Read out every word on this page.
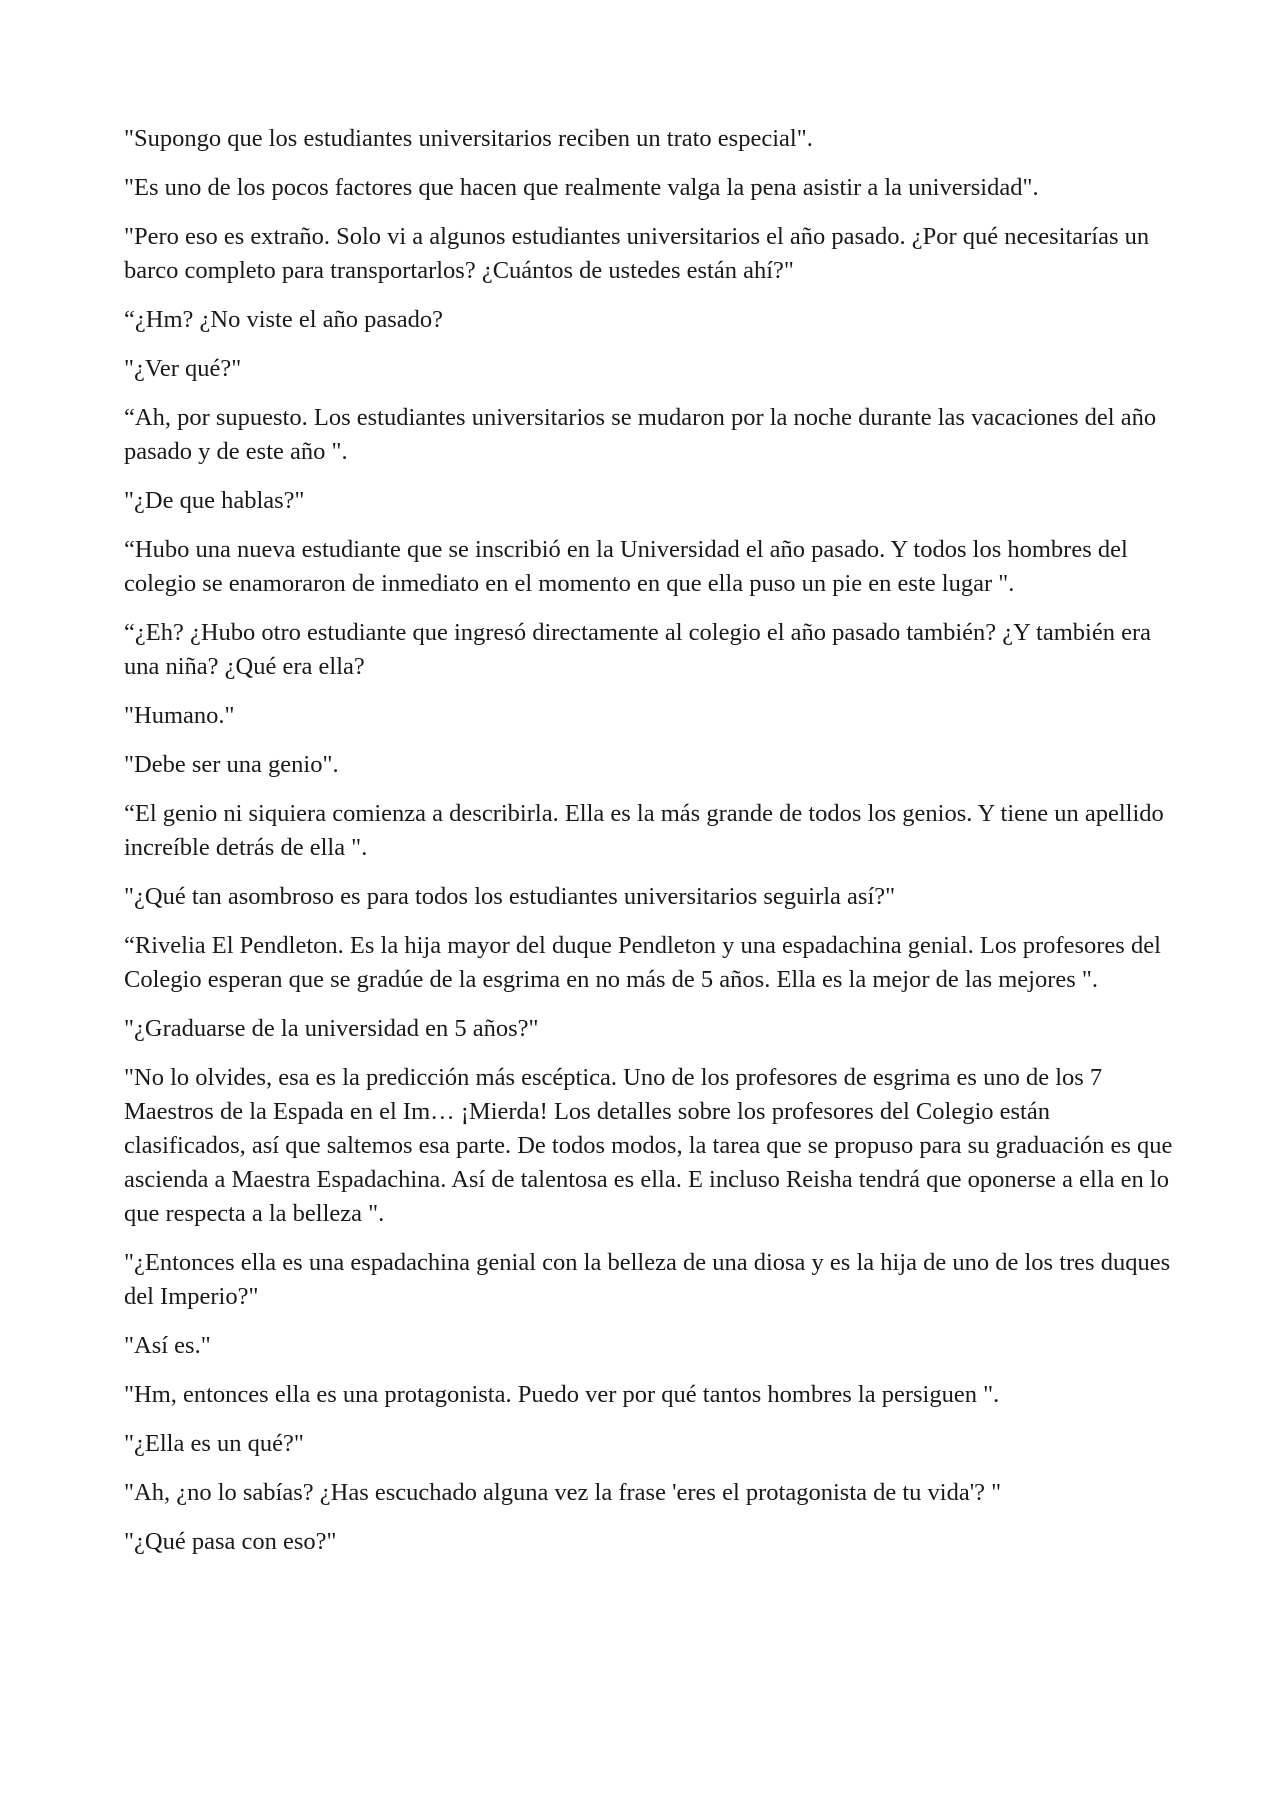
"Supongo que los estudiantes universitarios reciben un trato especial".

"Es uno de los pocos factores que hacen que realmente valga la pena asistir a la universidad".

"Pero eso es extraño. Solo vi a algunos estudiantes universitarios el año pasado. ¿Por qué necesitarías un barco completo para transportarlos? ¿Cuántos de ustedes están ahí?"

“¿Hm? ¿No viste el año pasado?

"¿Ver qué?"

“Ah, por supuesto. Los estudiantes universitarios se mudaron por la noche durante las vacaciones del año pasado y de este año ".

"¿De que hablas?"

“Hubo una nueva estudiante que se inscribió en la Universidad el año pasado. Y todos los hombres del colegio se enamoraron de inmediato en el momento en que ella puso un pie en este lugar ".

“¿Eh? ¿Hubo otro estudiante que ingresó directamente al colegio el año pasado también? ¿Y también era una niña? ¿Qué era ella?

"Humano."

"Debe ser una genio".

“El genio ni siquiera comienza a describirla. Ella es la más grande de todos los genios. Y tiene un apellido increíble detrás de ella ".

"¿Qué tan asombroso es para todos los estudiantes universitarios seguirla así?"

“Rivelia El Pendleton. Es la hija mayor del duque Pendleton y una espadachina genial. Los profesores del Colegio esperan que se gradúe de la esgrima en no más de 5 años. Ella es la mejor de las mejores ".

"¿Graduarse de la universidad en 5 años?"

"No lo olvides, esa es la predicción más escéptica. Uno de los profesores de esgrima es uno de los 7 Maestros de la Espada en el Im… ¡Mierda! Los detalles sobre los profesores del Colegio están clasificados, así que saltemos esa parte. De todos modos, la tarea que se propuso para su graduación es que ascienda a Maestra Espadachina. Así de talentosa es ella. E incluso Reisha tendrá que oponerse a ella en lo que respecta a la belleza ".

"¿Entonces ella es una espadachina genial con la belleza de una diosa y es la hija de uno de los tres duques del Imperio?"

"Así es."

"Hm, entonces ella es una protagonista. Puedo ver por qué tantos hombres la persiguen ".

"¿Ella es un qué?"

"Ah, ¿no lo sabías? ¿Has escuchado alguna vez la frase 'eres el protagonista de tu vida'? "

"¿Qué pasa con eso?"
